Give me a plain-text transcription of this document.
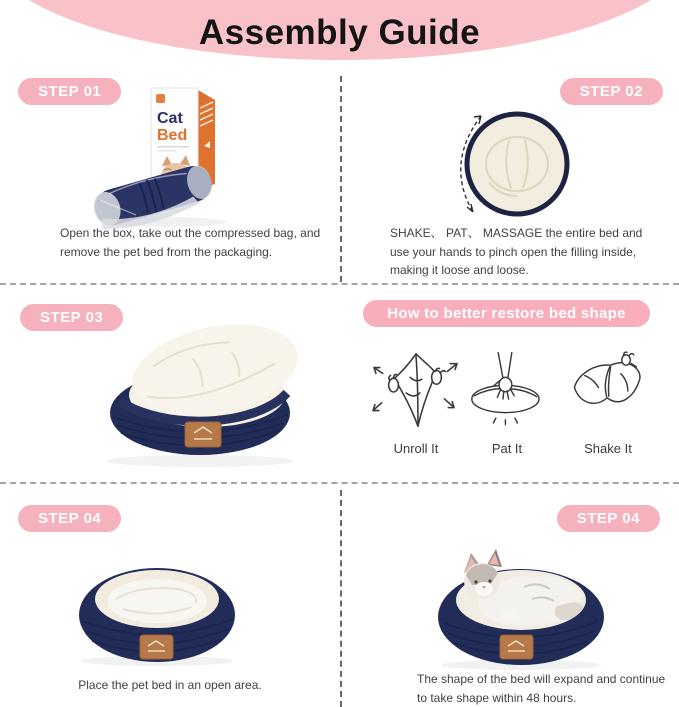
Assembly Guide
STEP 01
Cat
Bed
Open the box, take out the compressed bag, and remove the pet bed from the packaging.
STEP 02
SHAKE、 PAT、 MASSAGE the entire bed and use your hands to pinch open the filling inside, making it loose and loose.
STEP 03	How to better restore bed shape
Unroll It	Pat It	Shake It
STEP 04
Place the pet bed in an open area.
STEP 04
The shape of the bed will expand and continue to take shape within 48 hours.
